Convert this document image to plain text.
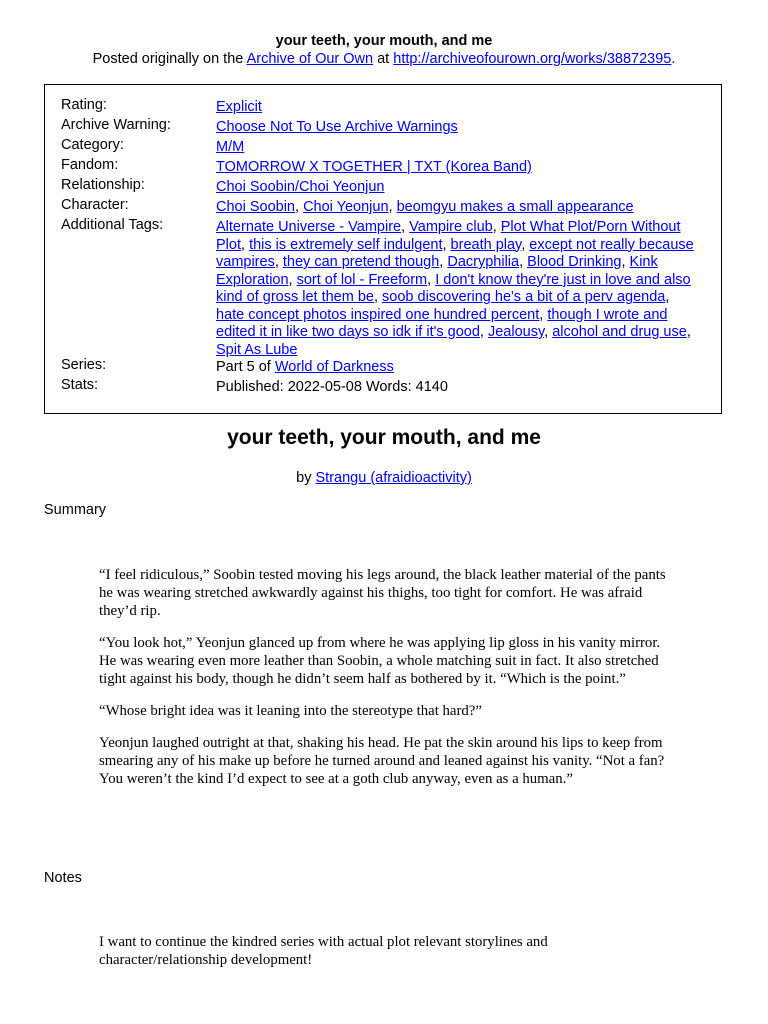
your teeth, your mouth, and me
Posted originally on the Archive of Our Own at http://archiveofourown.org/works/38872395.
Rating:	Explicit
Archive Warning:	Choose Not To Use Archive Warnings
Category:	M/M
Fandom:	TOMORROW X TOGETHER | TXT (Korea Band)
Relationship:	Choi Soobin/Choi Yeonjun
Character:	Choi Soobin, Choi Yeonjun, beomgyu makes a small appearance
Additional Tags:	Alternate Universe - Vampire, Vampire club, Plot What Plot/Porn Without Plot, this is extremely self indulgent, breath play, except not really because vampires, they can pretend though, Dacryphilia, Blood Drinking, Kink Exploration, sort of lol - Freeform, I don't know they're just in love and also kind of gross let them be, soob discovering he's a bit of a perv agenda, hate concept photos inspired one hundred percent, though I wrote and edited it in like two days so idk if it's good, Jealousy, alcohol and drug use, Spit As Lube
Series:	Part 5 of World of Darkness
Stats:	Published: 2022-05-08 Words: 4140
your teeth, your mouth, and me
by Strangu (afraidioactivity)
Summary

“I feel ridiculous,” Soobin tested moving his legs around, the black leather material of the pants he was wearing stretched awkwardly against his thighs, too tight for comfort. He was afraid they’d rip.

“You look hot,” Yeonjun glanced up from where he was applying lip gloss in his vanity mirror. He was wearing even more leather than Soobin, a whole matching suit in fact. It also stretched tight against his body, though he didn’t seem half as bothered by it. “Which is the point.”

“Whose bright idea was it leaning into the stereotype that hard?”

Yeonjun laughed outright at that, shaking his head. He pat the skin around his lips to keep from smearing any of his make up before he turned around and leaned against his vanity. “Not a fan? You weren’t the kind I’d expect to see at a goth club anyway, even as a human.”

Notes

I want to continue the kindred series with actual plot relevant storylines and character/relationship development!
